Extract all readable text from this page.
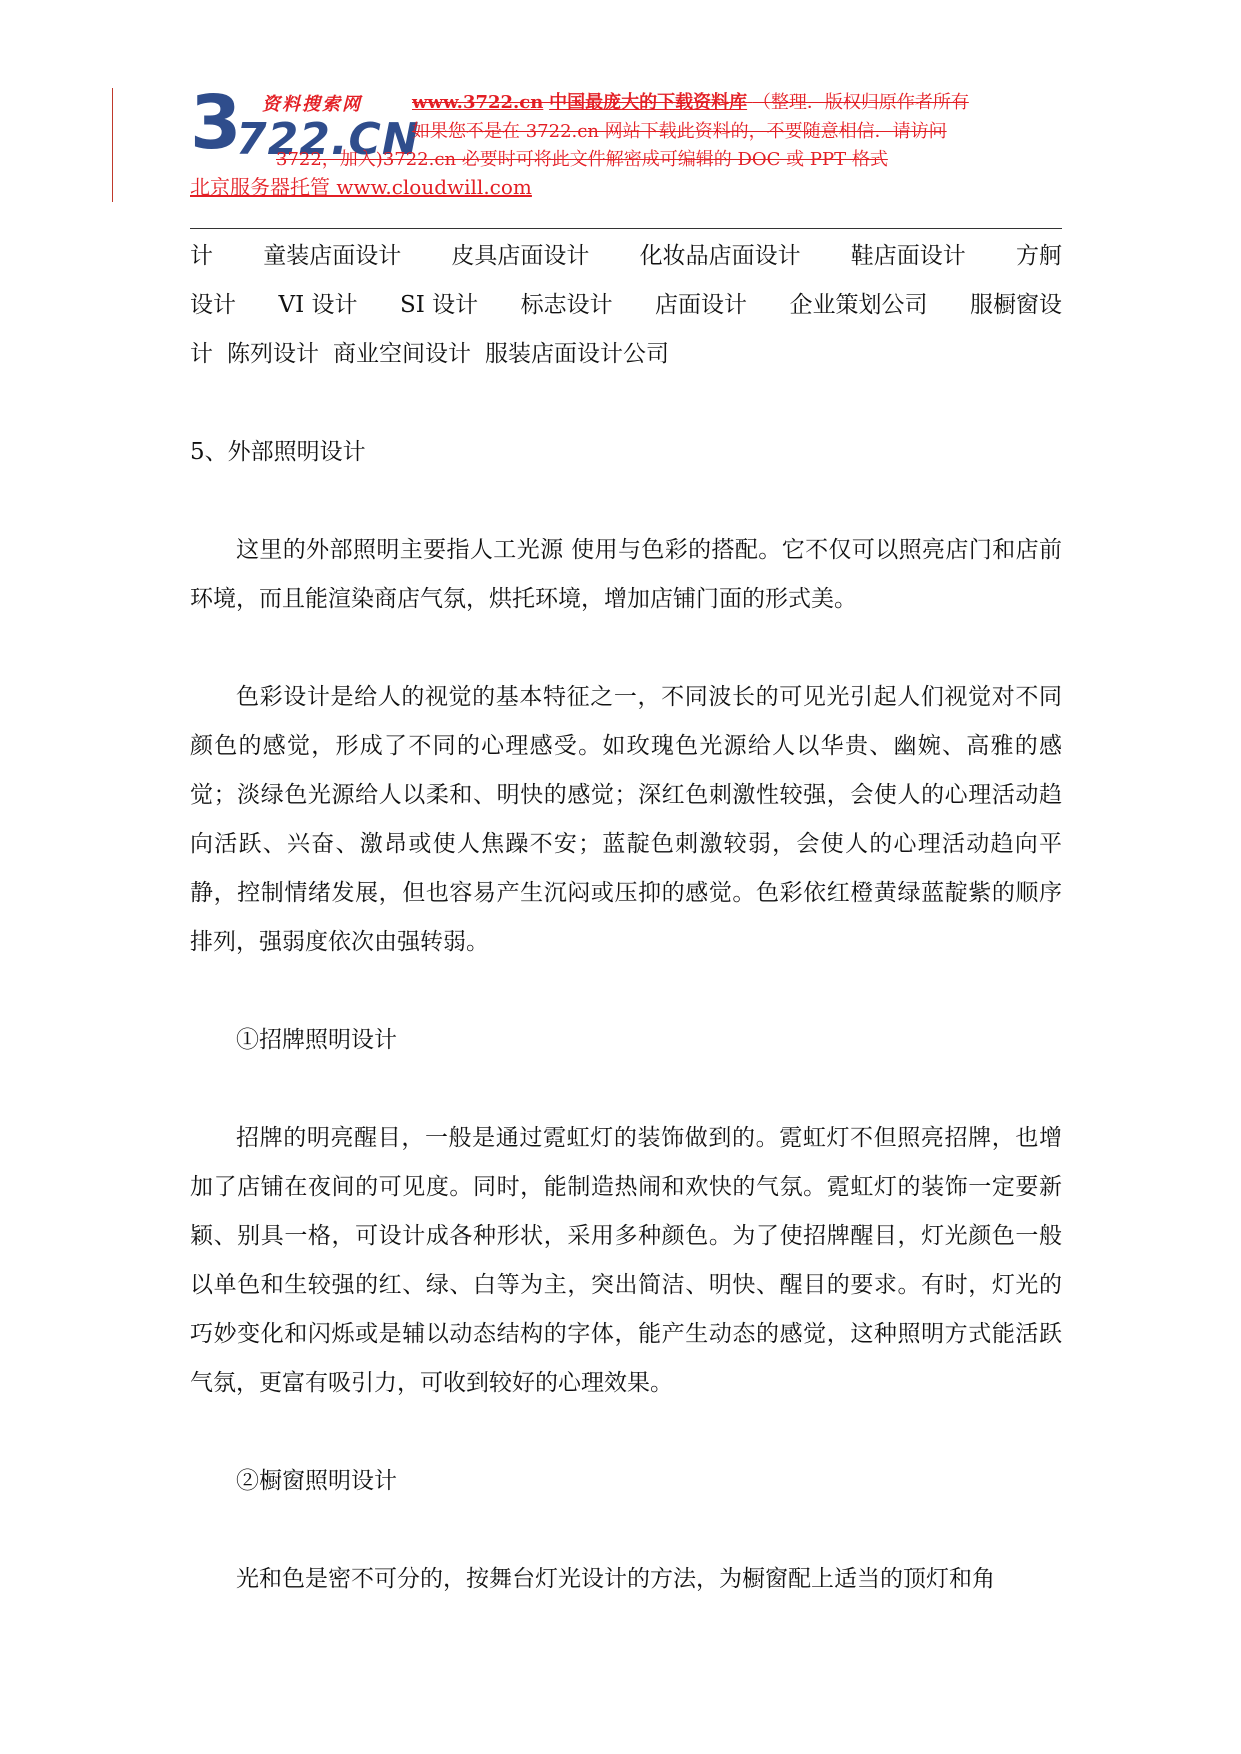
3 资料搜索网
722.CN
www.3722.cn 中国最庞大的下载资料库 （整理．版权归原作者所有
如果您不是在 3722.cn 网站下载此资料的，不要随意相信．请访问
3722，加入)3722.cn 必要时可将此文件解密成可编辑的 DOC 或 PPT 格式
北京服务器托管 www.cloudwill.com
计 童装店面设计 皮具店面设计 化妆品店面设计 鞋店面设计 方舸
设计 VI 设计 SI 设计 标志设计 店面设计 企业策划公司 服橱窗设
计 陈列设计 商业空间设计 服装店面设计公司
5、外部照明设计

这里的外部照明主要指人工光源 使用与色彩的搭配。它不仅可以照亮店门和店前环境，而且能渲染商店气氛，烘托环境，增加店铺门面的形式美。

色彩设计是给人的视觉的基本特征之一，不同波长的可见光引起人们视觉对不同颜色的感觉，形成了不同的心理感受。如玫瑰色光源给人以华贵、幽婉、高雅的感觉；淡绿色光源给人以柔和、明快的感觉；深红色刺激性较强，会使人的心理活动趋向活跃、兴奋、激昂或使人焦躁不安；蓝靛色刺激较弱，会使人的心理活动趋向平静，控制情绪发展，但也容易产生沉闷或压抑的感觉。色彩依红橙黄绿蓝靛紫的顺序排列，强弱度依次由强转弱。

①招牌照明设计

招牌的明亮醒目，一般是通过霓虹灯的装饰做到的。霓虹灯不但照亮招牌，也增加了店铺在夜间的可见度。同时，能制造热闹和欢快的气氛。霓虹灯的装饰一定要新颖、别具一格，可设计成各种形状，采用多种颜色。为了使招牌醒目，灯光颜色一般以单色和生较强的红、绿、白等为主，突出简洁、明快、醒目的要求。有时，灯光的巧妙变化和闪烁或是辅以动态结构的字体，能产生动态的感觉，这种照明方式能活跃气氛，更富有吸引力，可收到较好的心理效果。

②橱窗照明设计

光和色是密不可分的，按舞台灯光设计的方法，为橱窗配上适当的顶灯和角
